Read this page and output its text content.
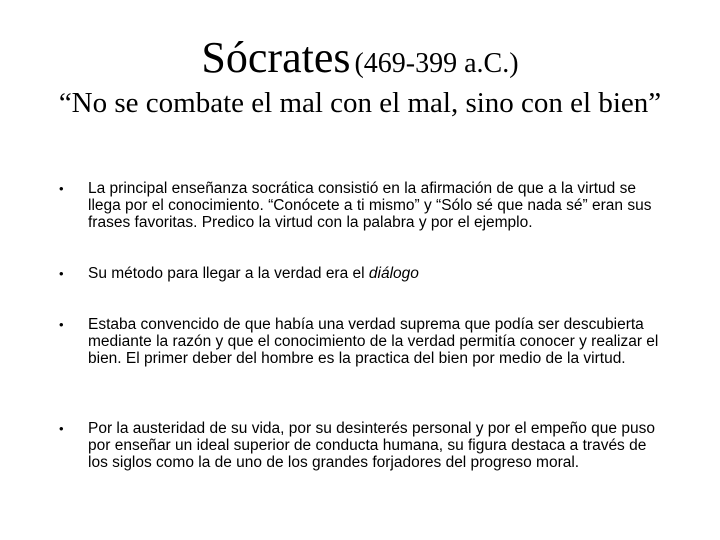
Sócrates (469-399 a.C.)
“No se combate el mal con el mal, sino con el bien”
• La principal enseñanza socrática consistió en la afirmación de que a la virtud se llega por el conocimiento. “Conócete a ti mismo” y “Sólo sé que nada sé” eran sus frases favoritas. Predico la virtud con la palabra y por el ejemplo.
• Su método para llegar a la verdad era el diálogo
• Estaba convencido de que había una verdad suprema que podía ser descubierta mediante la razón y que el conocimiento de la verdad permitía conocer y realizar el bien. El primer deber del hombre es la practica del bien por medio de la virtud.
• Por la austeridad de su vida, por su desinterés personal y por el empeño que puso por enseñar un ideal superior de conducta humana, su figura destaca a través de los siglos como la de uno de los grandes forjadores del progreso moral.
